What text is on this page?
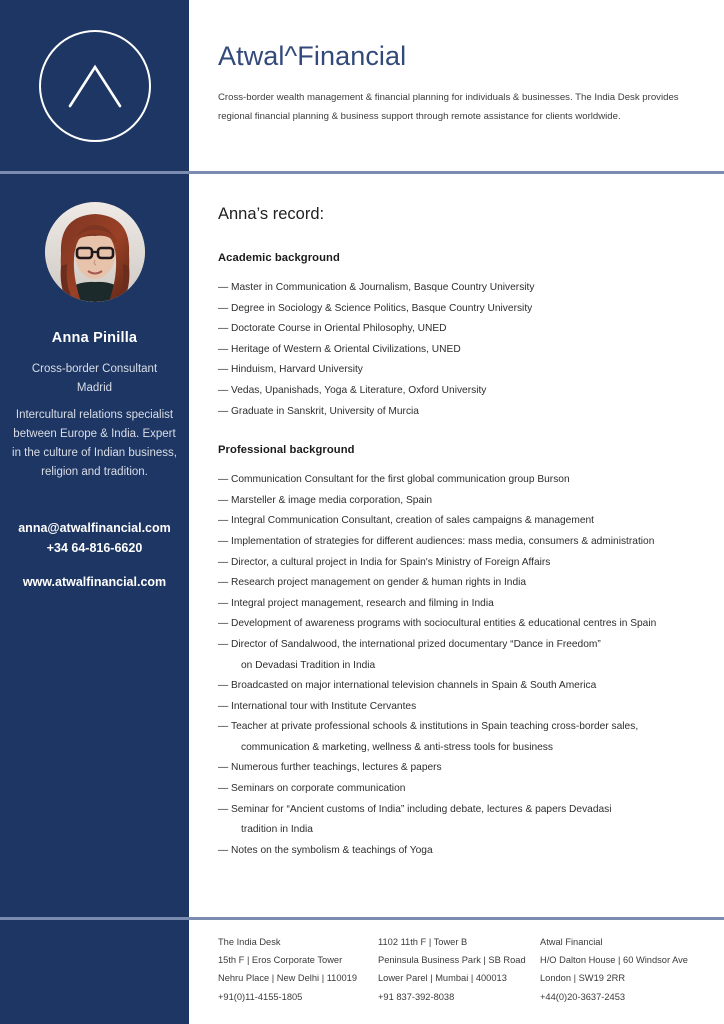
Atwal^Financial
Cross-border wealth management & financial planning for individuals & businesses. The India Desk provides regional financial planning & business support through remote assistance for clients worldwide.
Anna Pinilla
Cross-border Consultant
Madrid
Intercultural relations specialist between Europe & India. Expert in the culture of Indian business, religion and tradition.
anna@atwalfinancial.com
+34 64-816-6620
www.atwalfinancial.com
Anna’s record:
Academic background
— Master in Communication & Journalism, Basque Country University
— Degree in Sociology & Science Politics, Basque Country University
— Doctorate Course in Oriental Philosophy, UNED
— Heritage of Western & Oriental Civilizations, UNED
— Hinduism, Harvard University
— Vedas, Upanishads, Yoga & Literature, Oxford University
— Graduate in Sanskrit, University of Murcia
Professional background
— Communication Consultant for the first global communication group Burson
— Marsteller & image media corporation, Spain
— Integral Communication Consultant, creation of sales campaigns & management
— Implementation of strategies for different audiences: mass media, consumers & administration
— Director, a cultural project in India for Spain's Ministry of Foreign Affairs
— Research project management on gender & human rights in India
— Integral project management, research and filming in India
— Development of awareness programs with sociocultural entities & educational centres in Spain
— Director of Sandalwood, the international prized documentary “Dance in Freedom”
on Devadasi Tradition in India
— Broadcasted on major international television channels in Spain & South America
— International tour with Institute Cervantes
— Teacher at private professional schools & institutions in Spain teaching cross-border sales,
communication & marketing, wellness & anti-stress tools for business
— Numerous further teachings, lectures & papers
— Seminars on corporate communication
— Seminar for “Ancient customs of India” including debate, lectures & papers Devadasi
tradition in India
— Notes on the symbolism & teachings of Yoga
The India Desk
15th F | Eros Corporate Tower
Nehru Place | New Delhi | 110019
+91(0)11-4155-1805
1102 11th F | Tower B
Peninsula Business Park | SB Road
Lower Parel | Mumbai | 400013
+91 837-392-8038
Atwal Financial
H/O Dalton House | 60 Windsor Ave
London | SW19 2RR
+44(0)20-3637-2453
